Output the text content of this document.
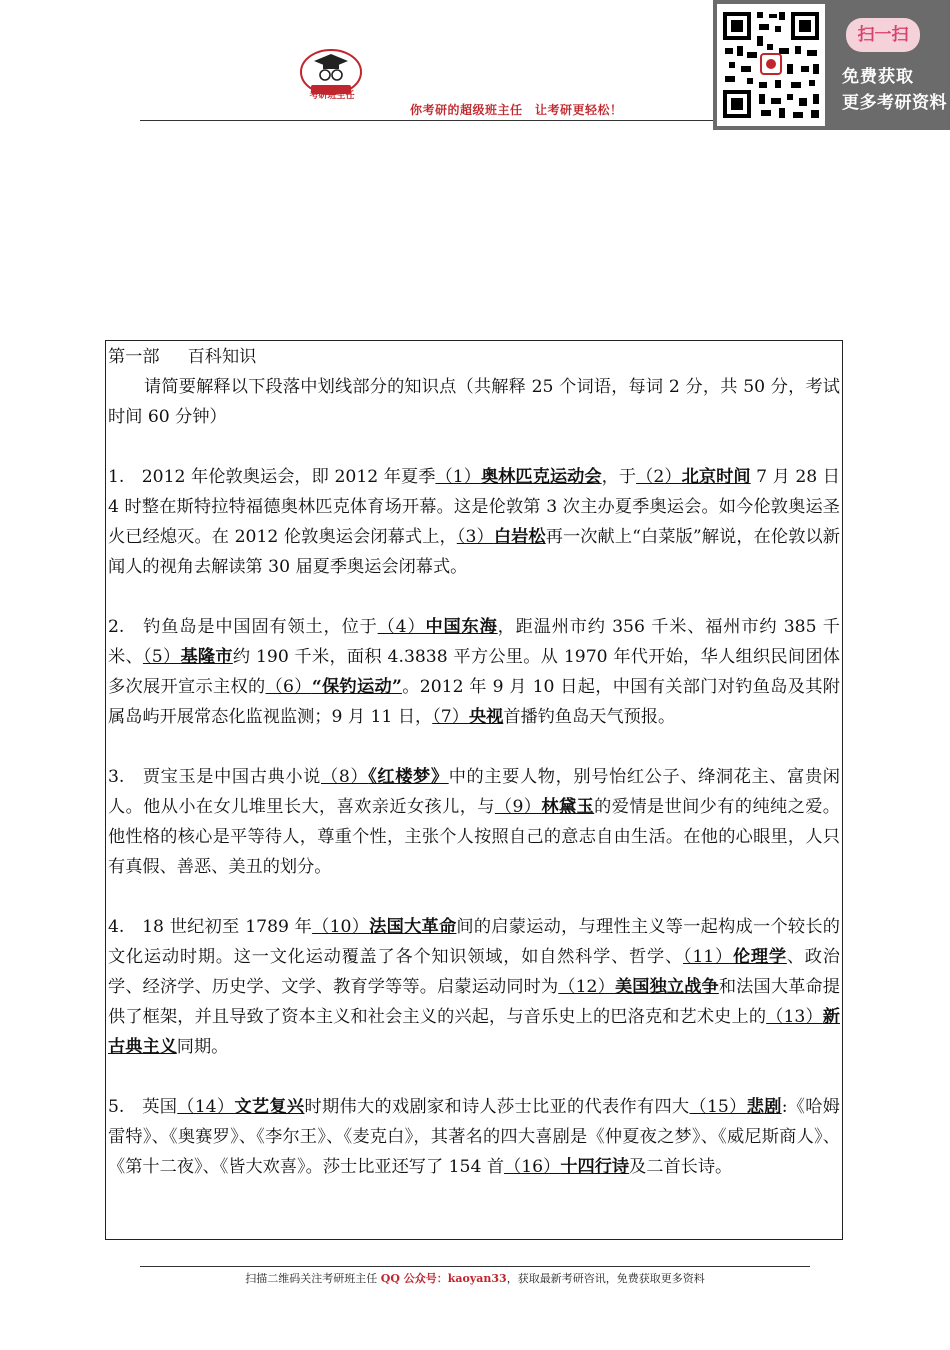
考研班主任
你考研的超级班主任　让考研更轻松！
扫一扫
免费获取
更多考研资料

第一部 百科知识

请简要解释以下段落中划线部分的知识点（共解释 25 个词语，每词 2 分，共 50 分，考试时间 60 分钟）

1.　2012 年伦敦奥运会，即 2012 年夏季（1）奥林匹克运动会，于（2）北京时间 7 月 28 日 4 时整在斯特拉特福德奥林匹克体育场开幕。这是伦敦第 3 次主办夏季奥运会。如今伦敦奥运圣火已经熄灭。在 2012 伦敦奥运会闭幕式上，（3）白岩松再一次献上“白菜版”解说，在伦敦以新闻人的视角去解读第 30 届夏季奥运会闭幕式。

2.　钓鱼岛是中国固有领土，位于（4）中国东海，距温州市约 356 千米、福州市约 385 千米、（5）基隆市约 190 千米，面积 4.3838 平方公里。从 1970 年代开始，华人组织民间团体多次展开宣示主权的（6）“保钓运动”。2012 年 9 月 10 日起，中国有关部门对钓鱼岛及其附属岛屿开展常态化监视监测；9 月 11 日，（7）央视首播钓鱼岛天气预报。

3.　贾宝玉是中国古典小说（8）《红楼梦》中的主要人物，别号怡红公子、绛洞花主、富贵闲人。他从小在女儿堆里长大，喜欢亲近女孩儿，与（9）林黛玉的爱情是世间少有的纯纯之爱。他性格的核心是平等待人，尊重个性，主张个人按照自己的意志自由生活。在他的心眼里，人只有真假、善恶、美丑的划分。

4.　18 世纪初至 1789 年（10）法国大革命间的启蒙运动，与理性主义等一起构成一个较长的文化运动时期。这一文化运动覆盖了各个知识领域，如自然科学、哲学、（11）伦理学、政治学、经济学、历史学、文学、教育学等等。启蒙运动同时为（12）美国独立战争和法国大革命提供了框架，并且导致了资本主义和社会主义的兴起，与音乐史上的巴洛克和艺术史上的（13）新古典主义同期。

5.　英国（14）文艺复兴时期伟大的戏剧家和诗人莎士比亚的代表作有四大（15）悲剧:《哈姆雷特》、《奥赛罗》、《李尔王》、《麦克白》，其著名的四大喜剧是《仲夏夜之梦》、《威尼斯商人》、《第十二夜》、《皆大欢喜》。莎士比亚还写了 154 首（16）十四行诗及二首长诗。

扫描二维码关注考研班主任 QQ 公众号：kaoyan33，获取最新考研咨讯，免费获取更多资料
